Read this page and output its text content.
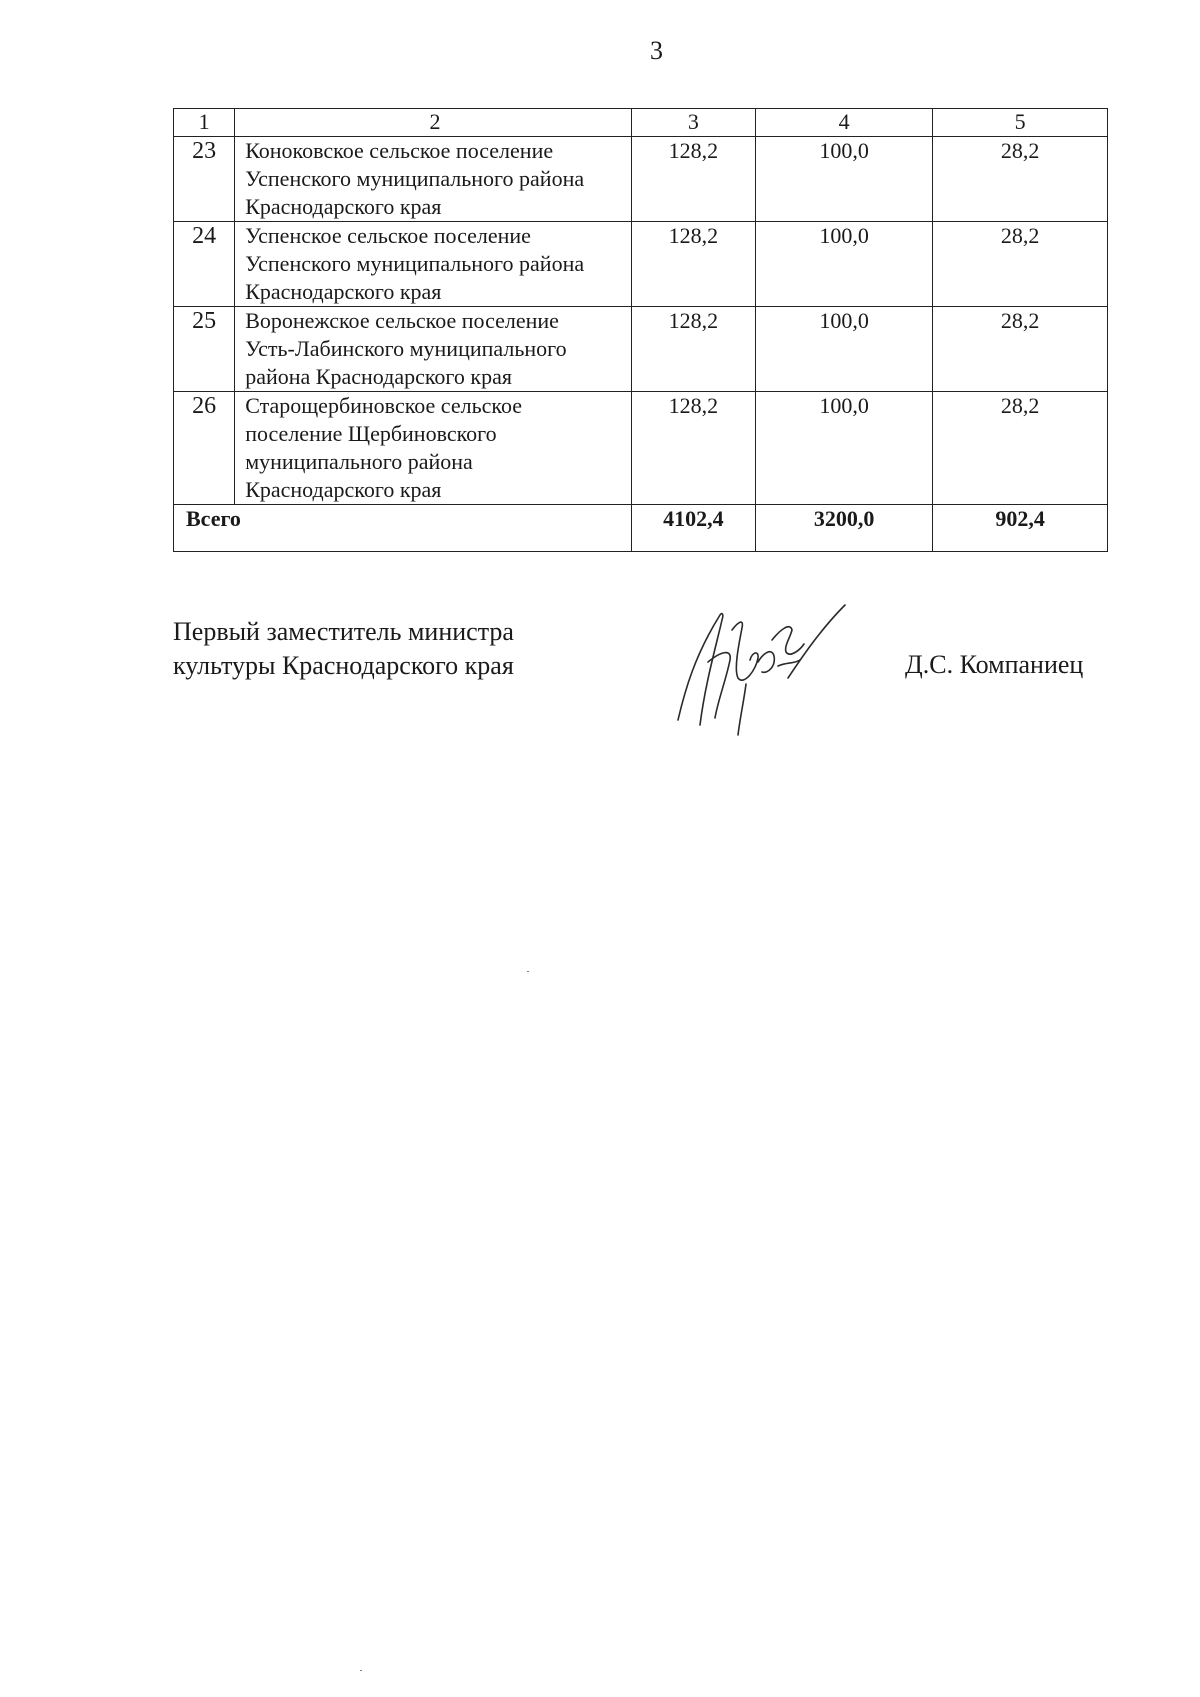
3
1	2	3	4	5
23	Коноковское сельское поселение
Успенского муниципального района
Краснодарского края	128,2	100,0	28,2
24	Успенское сельское поселение
Успенского муниципального района
Краснодарского края	128,2	100,0	28,2
25	Воронежское сельское поселение
Усть-Лабинского муниципального
района Краснодарского края	128,2	100,0	28,2
26	Староще​рбиновское сельское
поселение Щербиновского
муниципального района
Краснодарского края	128,2	100,0	28,2
Всего		4102,4	3200,0	902,4
Первый заместитель министра
культуры Краснодарского края	Д.С. Компаниец
